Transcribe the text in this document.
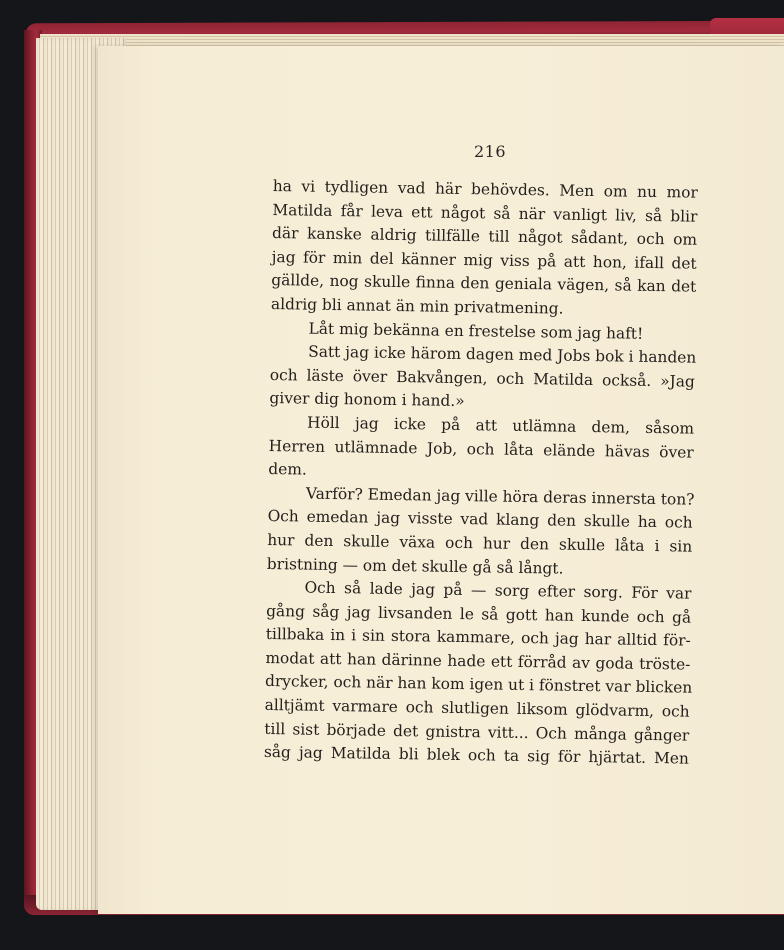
216
ha vi tydligen vad här behövdes. Men om nu mor
Matilda får leva ett något så när vanligt liv, så blir
där kanske aldrig tillfälle till något sådant, och om
jag för min del känner mig viss på att hon, ifall det
gällde, nog skulle finna den geniala vägen, så kan det
aldrig bli annat än min privatmening.
Låt mig bekänna en frestelse som jag haft!
Satt jag icke härom dagen med Jobs bok i handen
och läste över Bakvången, och Matilda också. »Jag
giver dig honom i hand.»
Höll jag icke på att utlämna dem, såsom
Herren utlämnade Job, och låta elände hävas över
dem.
Varför? Emedan jag ville höra deras innersta ton?
Och emedan jag visste vad klang den skulle ha och
hur den skulle växa och hur den skulle låta i sin
bristning — om det skulle gå så långt.
Och så lade jag på — sorg efter sorg. För var
gång såg jag livsanden le så gott han kunde och gå
tillbaka in i sin stora kammare, och jag har alltid för-
modat att han därinne hade ett förråd av goda tröste-
drycker, och när han kom igen ut i fönstret var blicken
alltjämt varmare och slutligen liksom glödvarm, och
till sist började det gnistra vitt... Och många gånger
såg jag Matilda bli blek och ta sig för hjärtat. Men
